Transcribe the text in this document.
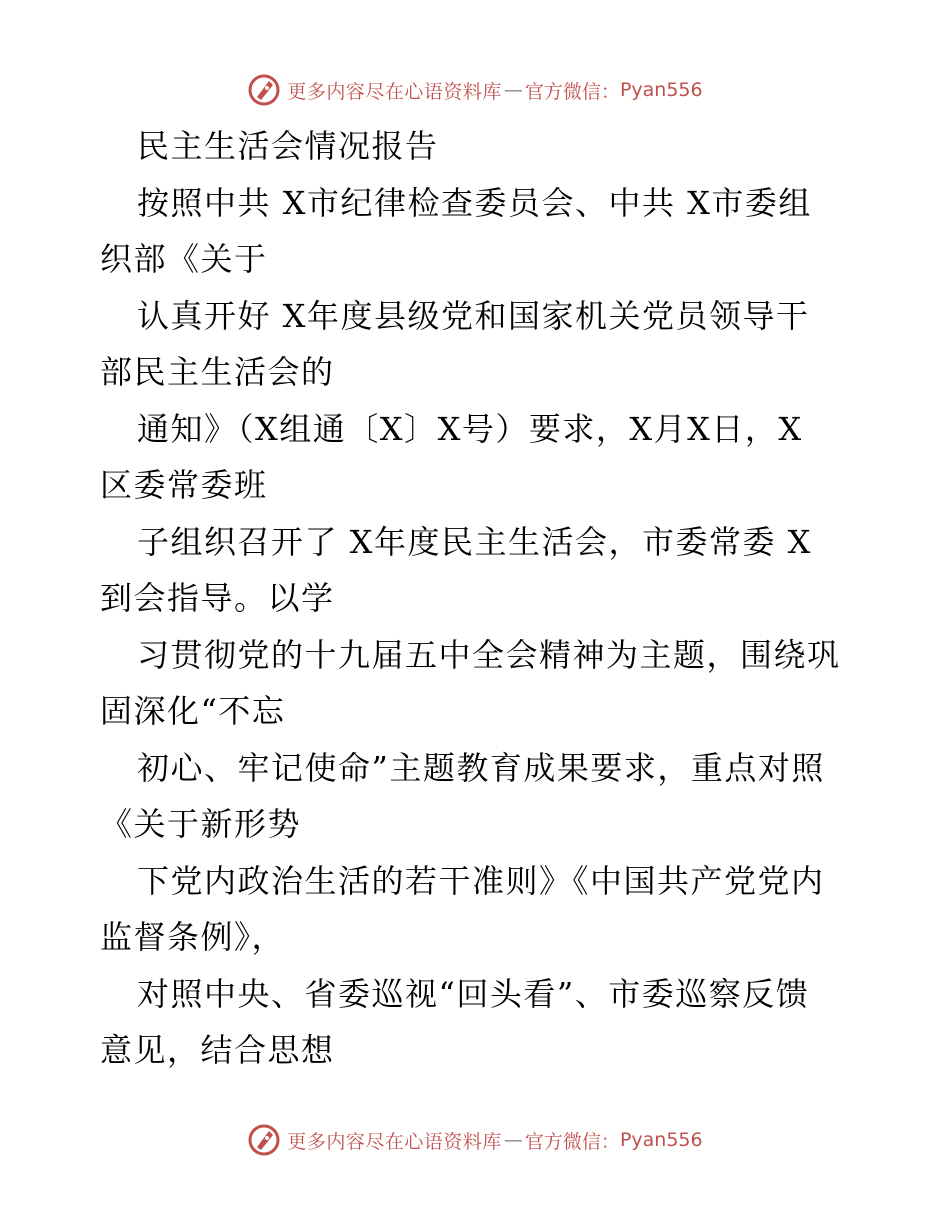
更多内容尽在心语资料库 — 官方微信： Pyan556
民主生活会情况报告
按照中共 X市纪律检查委员会、中共 X市委组
织部《关于
认真开好 X年度县级党和国家机关党员领导干
部民主生活会的
通知》（X组通〔X〕X号）要求，X月X日，X
区委常委班
子组织召开了 X年度民主生活会，市委常委 X
到会指导。以学
习贯彻党的十九届五中全会精神为主题，围绕巩
固深化“不忘
初心、牢记使命”主题教育成果要求，重点对照
《关于新形势
下党内政治生活的若干准则》《中国共产党党内
监督条例》，
对照中央、省委巡视“回头看”、市委巡察反馈
意见，结合思想
更多内容尽在心语资料库 — 官方微信： Pyan556
